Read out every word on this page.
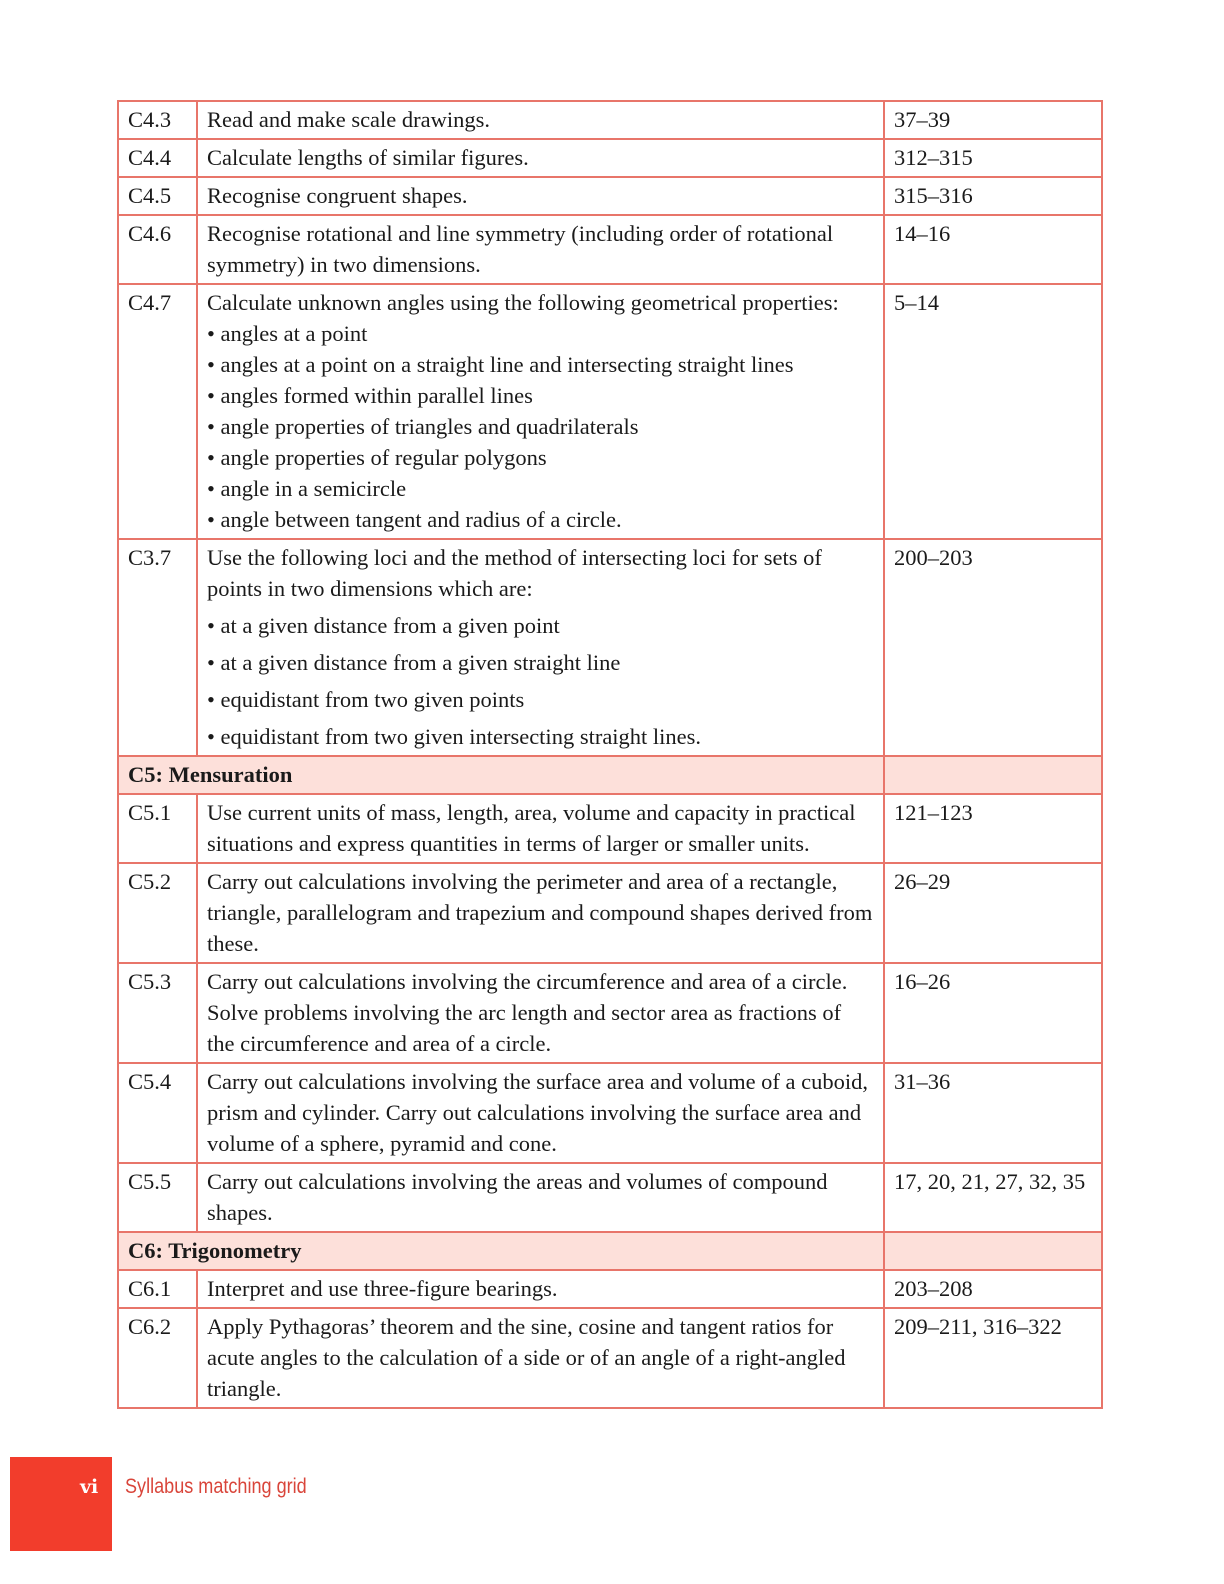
C4.3	Read and make scale drawings.	37–39
C4.4	Calculate lengths of similar figures.	312–315
C4.5	Recognise congruent shapes.	315–316
C4.6	Recognise rotational and line symmetry (including order of rotational symmetry) in two dimensions.	14–16
C4.7	Calculate unknown angles using the following geometrical properties:
• angles at a point
• angles at a point on a straight line and intersecting straight lines
• angles formed within parallel lines
• angle properties of triangles and quadrilaterals
• angle properties of regular polygons
• angle in a semicircle
• angle between tangent and radius of a circle.
	5–14
C3.7	Use the following loci and the method of intersecting loci for sets of points in two dimensions which are:
• at a given distance from a given point
• at a given distance from a given straight line
• equidistant from two given points
• equidistant from two given intersecting straight lines.
	200–203
C5: Mensuration		
C5.1	Use current units of mass, length, area, volume and capacity in practical situations and express quantities in terms of larger or smaller units.	121–123
C5.2	Carry out calculations involving the perimeter and area of a rectangle, triangle, parallelogram and trapezium and compound shapes derived from these.	26–29
C5.3	Carry out calculations involving the circumference and area of a circle. Solve problems involving the arc length and sector area as fractions of the circumference and area of a circle.	16–26
C5.4	Carry out calculations involving the surface area and volume of a cuboid, prism and cylinder. Carry out calculations involving the surface area and volume of a sphere, pyramid and cone.	31–36
C5.5	Carry out calculations involving the areas and volumes of compound shapes.	17, 20, 21, 27, 32, 35
C6: Trigonometry		
C6.1	Interpret and use three-figure bearings.	203–208
C6.2	Apply Pythagoras’ theorem and the sine, cosine and tangent ratios for acute angles to the calculation of a side or of an angle of a right-angled triangle.	209–211, 316–322
vi Syllabus matching grid
